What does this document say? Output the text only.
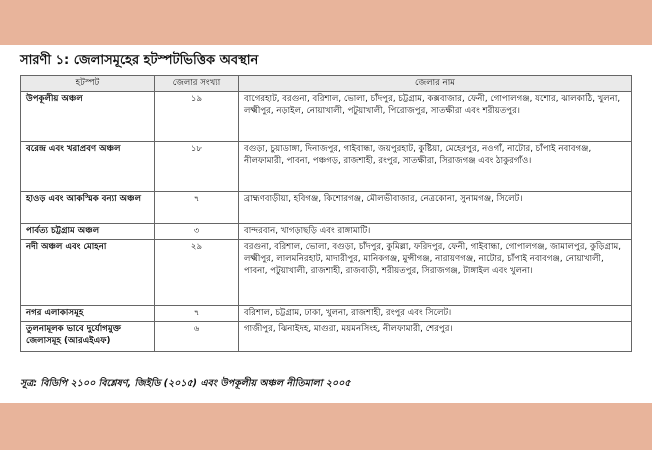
সারণী ১: জেলাসমূহের হটস্পটভিত্তিক অবস্থান
হটস্পট	জেলার সংখ্যা	জেলার নাম
উপকূলীয় অঞ্চল	১৯	বাগেরহাট, বরগুনা, বরিশাল, ভোলা, চাঁদপুর, চট্টগ্রাম, কক্সবাজার, ফেনী, গোপালগঞ্জ, যশোর, ঝালকাঠি, খুলনা, লক্ষ্মীপুর, নড়াইল, নোয়াখালী, পটুয়াখালী, পিরোজপুর, সাতক্ষীরা এবং শরীয়তপুর।
বরেন্দ্র এবং খরাপ্রবণ অঞ্চল	১৮	বগুড়া, চুয়াডাঙ্গা, দিনাজপুর, গাইবান্ধা, জয়পুরহাট, কুষ্টিয়া, মেহেরপুর, নওগাঁ, নাটোর, চাঁপাই নবাবগঞ্জ, নীলফামারী, পাবনা, পঞ্চগড়, রাজশাহী, রংপুর, সাতক্ষীরা, সিরাজগঞ্জ এবং ঠাকুরগাঁও।
হাওড় এবং আকস্মিক বন্যা অঞ্চল	৭	ব্রাহ্মণবাড়ীয়া, হবিগঞ্জ, কিশোরগঞ্জ, মৌলভীবাজার, নেত্রকোনা, সুনামগঞ্জ, সিলেট।
পার্বত্য চট্টগ্রাম অঞ্চল	৩	বান্দরবান, খাগড়াছড়ি এবং রাঙ্গামাটি।
নদী অঞ্চল এবং মোহনা	২৯	বরগুনা, বরিশাল, ভোলা, বগুড়া, চাঁদপুর, কুমিল্লা, ফরিদপুর, ফেনী, গাইবান্ধা, গোপালগঞ্জ, জামালপুর, কুড়িগ্রাম, লক্ষ্মীপুর, লালমনিরহাট, মাদারীপুর, মানিকগঞ্জ, মুন্সীগঞ্জ, নারায়ণগঞ্জ, নাটোর, চাঁপাই নবাবগঞ্জ, নোয়াখালী, পাবনা, পটুয়াখালী, রাজশাহী, রাজবাড়ী, শরীয়তপুর, সিরাজগঞ্জ, টাঙ্গাইল এবং খুলনা।
নগর এলাকাসমূহ	৭	বরিশাল, চট্টগ্রাম, ঢাকা, খুলনা, রাজশাহী, রংপুর এবং সিলেট।
তুলনামূলক ভাবে দুর্যোগমুক্ত জেলাসমূহ (আরএইএফ)	৬	গাজীপুর, ঝিনাইদহ, মাগুরা, ময়মনসিংহ, নীলফামারী, শেরপুর।
সূত্র: বিডিপি ২১০০ বিশ্লেষণ, জিইডি (২০১৫) এবং উপকূলীয় অঞ্চল নীতিমালা ২০০৫
